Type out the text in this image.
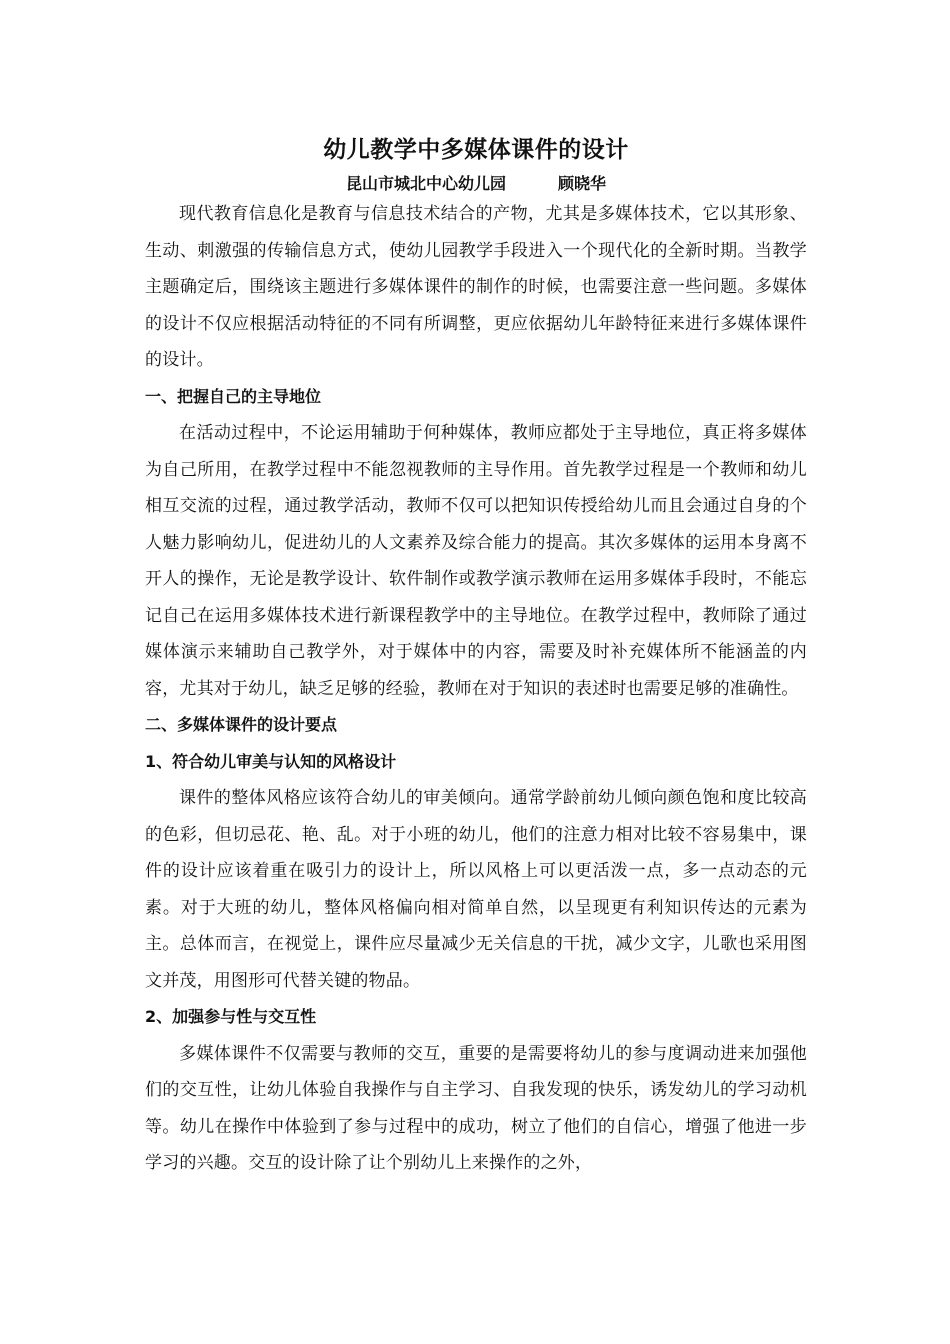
幼儿教学中多媒体课件的设计

昆山市城北中心幼儿园	顾晓华

现代教育信息化是教育与信息技术结合的产物，尤其是多媒体技术，它以其形象、生动、刺激强的传输信息方式，使幼儿园教学手段进入一个现代化的全新时期。当教学主题确定后，围绕该主题进行多媒体课件的制作的时候，也需要注意一些问题。多媒体的设计不仅应根据活动特征的不同有所调整，更应依据幼儿年龄特征来进行多媒体课件的设计。

一、把握自己的主导地位

在活动过程中，不论运用辅助于何种媒体，教师应都处于主导地位，真正将多媒体为自己所用，在教学过程中不能忽视教师的主导作用。首先教学过程是一个教师和幼儿相互交流的过程，通过教学活动，教师不仅可以把知识传授给幼儿而且会通过自身的个人魅力影响幼儿，促进幼儿的人文素养及综合能力的提高。其次多媒体的运用本身离不开人的操作，无论是教学设计、软件制作或教学演示教师在运用多媒体手段时，不能忘记自己在运用多媒体技术进行新课程教学中的主导地位。在教学过程中，教师除了通过媒体演示来辅助自己教学外，对于媒体中的内容，需要及时补充媒体所不能涵盖的内容，尤其对于幼儿，缺乏足够的经验，教师在对于知识的表述时也需要足够的准确性。

二、多媒体课件的设计要点

1、符合幼儿审美与认知的风格设计

课件的整体风格应该符合幼儿的审美倾向。通常学龄前幼儿倾向颜色饱和度比较高的色彩，但切忌花、艳、乱。对于小班的幼儿，他们的注意力相对比较不容易集中，课件的设计应该着重在吸引力的设计上，所以风格上可以更活泼一点，多一点动态的元素。对于大班的幼儿，整体风格偏向相对简单自然，以呈现更有利知识传达的元素为主。总体而言，在视觉上，课件应尽量减少无关信息的干扰，减少文字，儿歌也采用图文并茂，用图形可代替关键的物品。

2、加强参与性与交互性

多媒体课件不仅需要与教师的交互，重要的是需要将幼儿的参与度调动进来加强他们的交互性，让幼儿体验自我操作与自主学习、自我发现的快乐，诱发幼儿的学习动机等。幼儿在操作中体验到了参与过程中的成功，树立了他们的自信心，增强了他进一步学习的兴趣。交互的设计除了让个别幼儿上来操作的之外，
